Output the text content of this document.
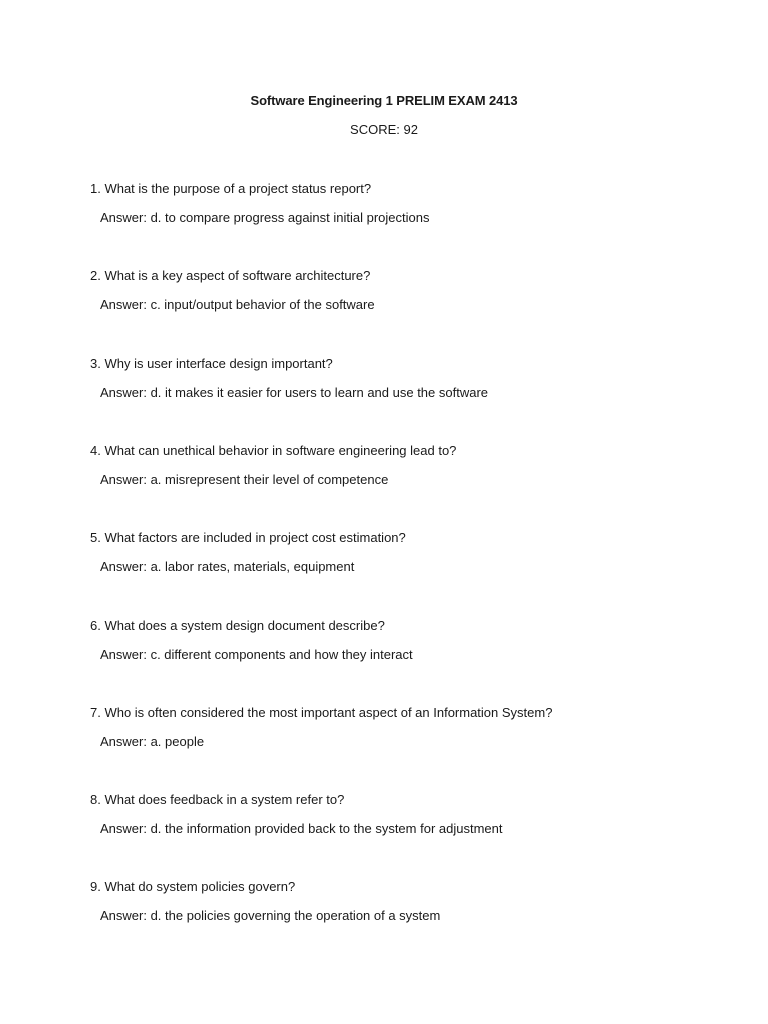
Software Engineering 1 PRELIM EXAM 2413
SCORE: 92
1. What is the purpose of a project status report?
Answer: d. to compare progress against initial projections
2. What is a key aspect of software architecture?
Answer: c. input/output behavior of the software
3. Why is user interface design important?
Answer: d. it makes it easier for users to learn and use the software
4. What can unethical behavior in software engineering lead to?
Answer: a. misrepresent their level of competence
5. What factors are included in project cost estimation?
Answer: a. labor rates, materials, equipment
6. What does a system design document describe?
Answer: c. different components and how they interact
7. Who is often considered the most important aspect of an Information System?
Answer: a. people
8. What does feedback in a system refer to?
Answer: d. the information provided back to the system for adjustment
9. What do system policies govern?
Answer: d. the policies governing the operation of a system
